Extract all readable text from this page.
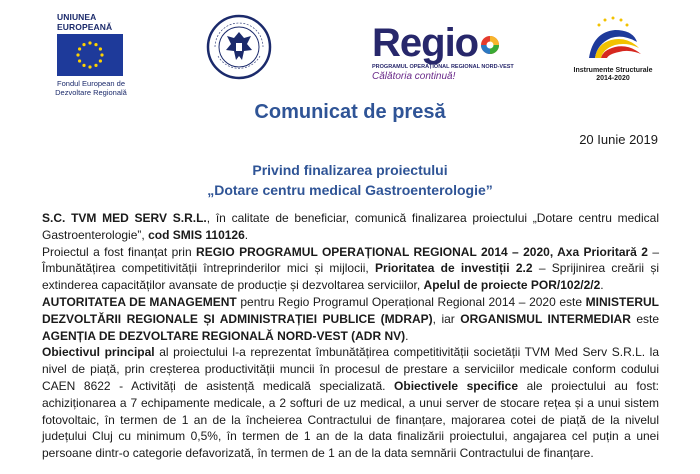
UNIUNEA EUROPEANĂ
Fondul European de Dezvoltare Regională
Regio
PROGRAMUL OPERAȚIONAL REGIONAL NORD-VEST
Călătoria continuă!
Instrumente Structurale 2014-2020
Comunicat de presă
20 Iunie 2019
Privind finalizarea proiectului
„Dotare centru medical Gastroenterologie”

S.C. TVM MED SERV S.R.L., în calitate de beneficiar, comunică finalizarea proiectului „Dotare centru medical Gastroenterologie”, cod SMIS 110126.

Proiectul a fost finanțat prin REGIO PROGRAMUL OPERAȚIONAL REGIONAL 2014 – 2020, Axa Prioritară 2 – Îmbunătățirea competitivității întreprinderilor mici și mijlocii, Prioritatea de investiții 2.2 – Sprijinirea creării și extinderea capacităților avansate de producție și dezvoltarea serviciilor, Apelul de proiecte POR/102/2/2.

AUTORITATEA DE MANAGEMENT pentru Regio Programul Operațional Regional 2014 – 2020 este MINISTERUL DEZVOLTĂRII REGIONALE ȘI ADMINISTRAȚIEI PUBLICE (MDRAP), iar ORGANISMUL INTERMEDIAR este AGENȚIA DE DEZVOLTARE REGIONALĂ NORD-VEST (ADR NV).

Obiectivul principal al proiectului l-a reprezentat îmbunătățirea competitivității societății TVM Med Serv S.R.L. la nivel de piață, prin creșterea productivității muncii în procesul de prestare a serviciilor medicale conform codului CAEN 8622 - Activități de asistență medicală specializată. Obiectivele specifice ale proiectului au fost: achiziționarea a 7 echipamente medicale, a 2 softuri de uz medical, a unui server de stocare rețea și a unui sistem fotovoltaic, în termen de 1 an de la încheierea Contractului de finanțare, majorarea cotei de piață de la nivelul județului Cluj cu minimum 0,5%, în termen de 1 an de la data finalizării proiectului, angajarea cel puțin a unei persoane dintr-o categorie defavorizată, în termen de 1 an de la data semnării Contractului de finanțare.
